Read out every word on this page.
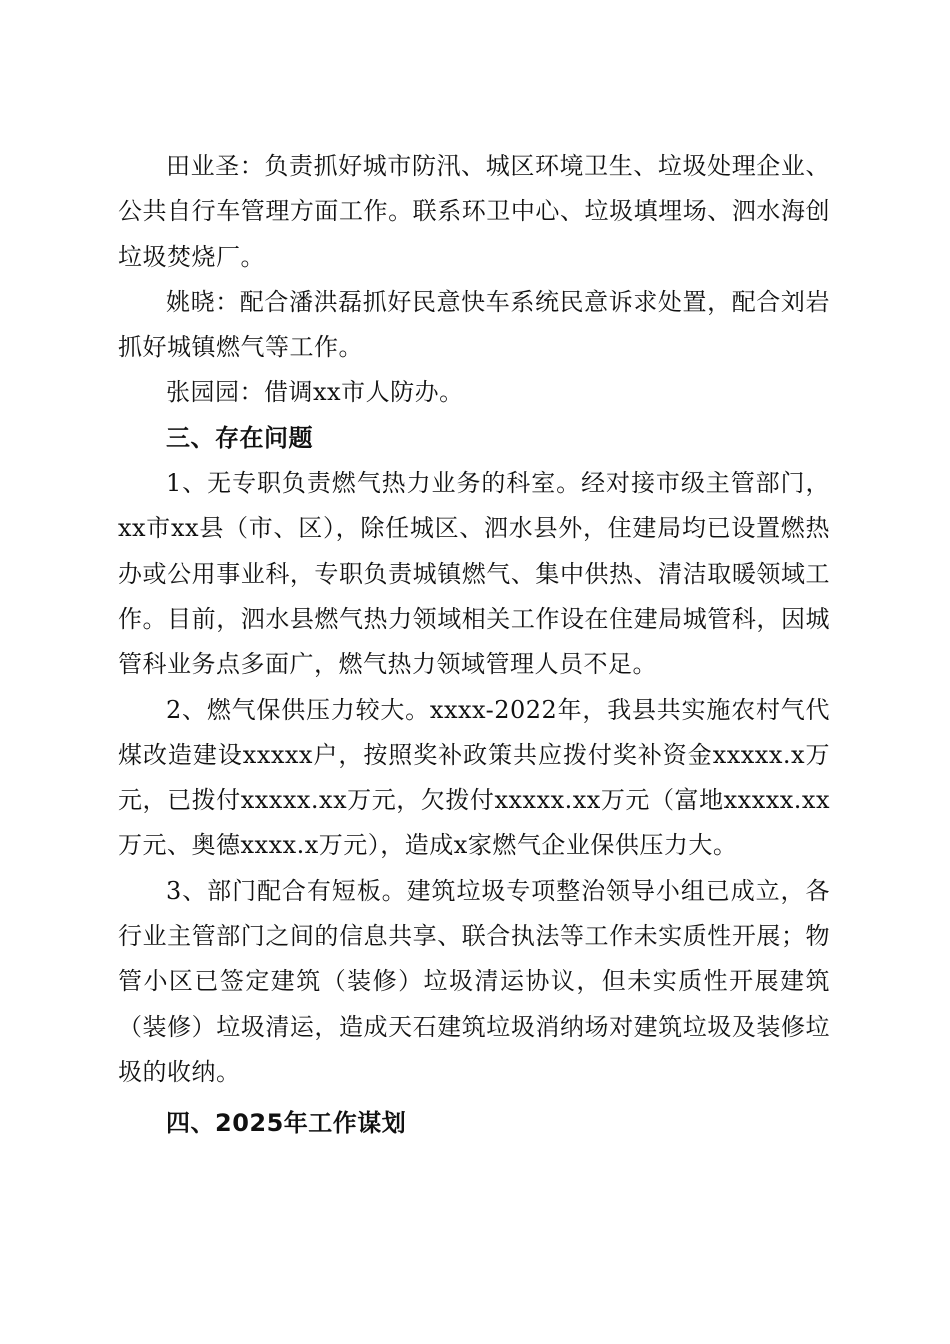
田业圣：负责抓好城市防汛、城区环境卫生、垃圾处理企业、公共自行车管理方面工作。联系环卫中心、垃圾填埋场、泗水海创垃圾焚烧厂。

姚晓：配合潘洪磊抓好民意快车系统民意诉求处置，配合刘岩抓好城镇燃气等工作。

张园园：借调xx市人防办。

三、存在问题

1、无专职负责燃气热力业务的科室。经对接市级主管部门，xx市xx县（市、区），除任城区、泗水县外，住建局均已设置燃热办或公用事业科，专职负责城镇燃气、集中供热、清洁取暖领域工作。目前，泗水县燃气热力领域相关工作设在住建局城管科，因城管科业务点多面广，燃气热力领域管理人员不足。

2、燃气保供压力较大。xxxx-2022年，我县共实施农村气代煤改造建设xxxxx户，按照奖补政策共应拨付奖补资金xxxxx.x万元，已拨付xxxxx.xx万元，欠拨付xxxxx.xx万元（富地xxxxx.xx万元、奥德xxxx.x万元），造成x家燃气企业保供压力大。

3、部门配合有短板。建筑垃圾专项整治领导小组已成立，各行业主管部门之间的信息共享、联合执法等工作未实质性开展；物管小区已签定建筑（装修）垃圾清运协议，但未实质性开展建筑（装修）垃圾清运，造成天石建筑垃圾消纳场对建筑垃圾及装修垃圾的收纳。

四、2025年工作谋划
